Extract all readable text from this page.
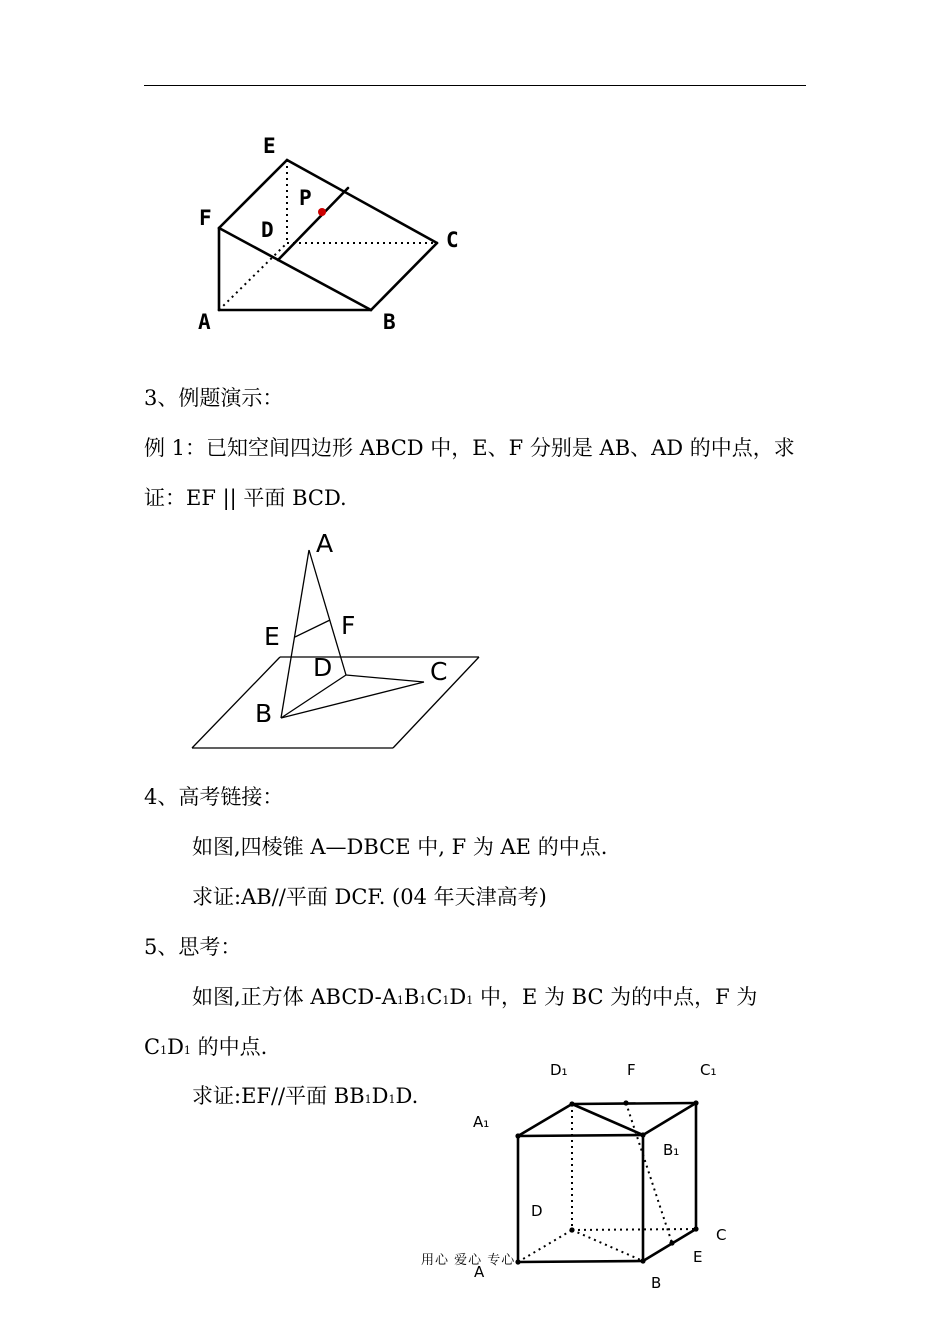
E
P
F D	C
A	B
3、例题演示：
例 1：已知空间四边形 ABCD 中，E、F 分别是 AB、AD 的中点，求
证：EF || 平面 BCD.
A
E F
D	C
B
4、高考链接：
如图,四棱锥 A—DBCE 中, F 为 AE 的中点.
求证:AB//平面 DCF. (04 年天津高考)
5、思考：
如图,正方体 ABCD-A1B1C1D1 中，E 为 BC 为的中点，F 为
C1D1 的中点.
求证:EF//平面 BB1D1D.
D₁	F	C₁
A₁
B₁
D
C
E
A
B
用心 爱心 专心
